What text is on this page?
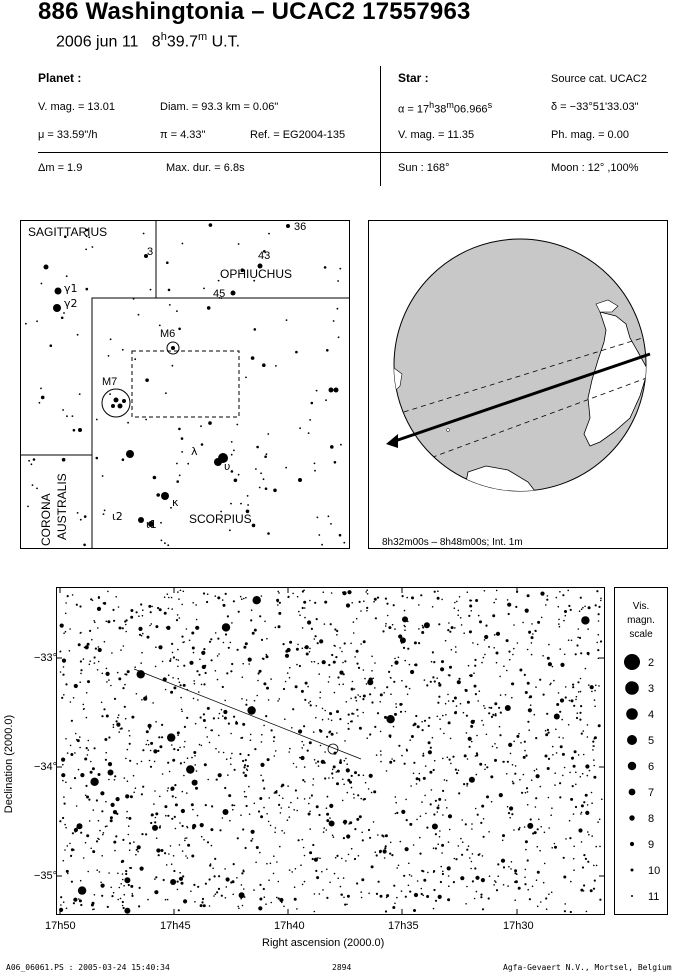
886 Washingtonia – UCAC2 17557963
2006 jun 11 8$^h$39.7$^m$ U.T.
Planet :
V. mag. = 13.01	Diam. = 93.3 km = 0.06"
μ = 33.59"/h	π = 4.33"	Ref. = EG2004-135
Star :	Source cat. UCAC2
$\alpha = 17^h38^m06.966^s$	δ = −33°51'33.03"
V. mag. = 11.35	Ph. mag. = 0.00
Δm = 1.9	Max. dur. = 6.8s	Sun : 168°	Moon : 12° ,100%
SAGITTARIUS
OPHIUCHUS
SCORPIUS
CORONA AUSTRALIS
36
43
45
3
γ1
γ2
M6
M7
λ
υ
κ
ι2
ι1
8h32m00s – 8h48m00s; Int. 1m
Declination (2000.0)
−33°
−34°
−35°
17h50	17h45	17h40	17h35	17h30
Right ascension (2000.0)
Vis.
magn.
scale
2
3
4
5
6
7
8
9
10
11
A06_06061.PS : 2005-03-24 15:40:34	2894	Agfa-Gevaert N.V., Mortsel, Belgium
